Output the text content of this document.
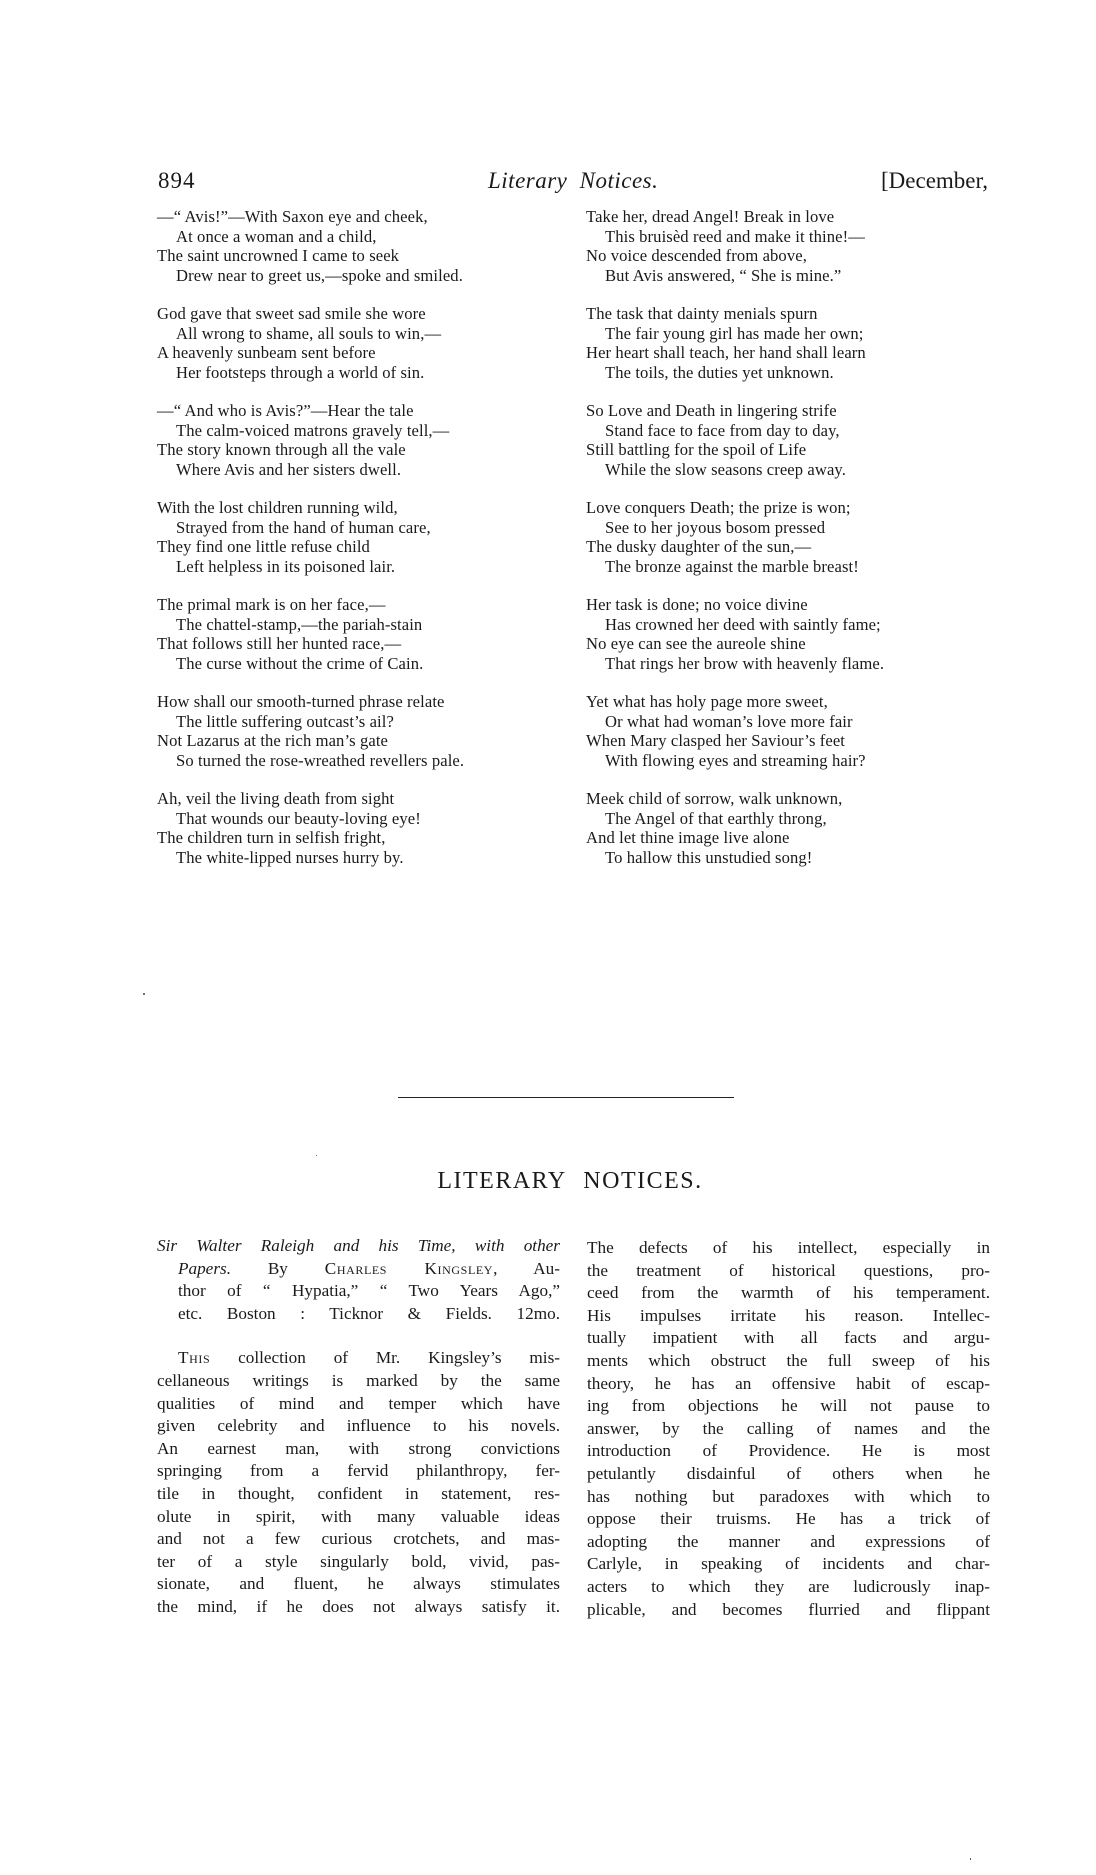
894	Literary Notices.	[December,
—“ Avis!”—With Saxon eye and cheek,
At once a woman and a child,
The saint uncrowned I came to seek
Drew near to greet us,—spoke and smiled.
God gave that sweet sad smile she wore
All wrong to shame, all souls to win,—
A heavenly sunbeam sent before
Her footsteps through a world of sin.
—“ And who is Avis?”—Hear the tale
The calm-voiced matrons gravely tell,—
The story known through all the vale
Where Avis and her sisters dwell.
With the lost children running wild,
Strayed from the hand of human care,
They find one little refuse child
Left helpless in its poisoned lair.
The primal mark is on her face,—
The chattel-stamp,—the pariah-stain
That follows still her hunted race,—
The curse without the crime of Cain.
How shall our smooth-turned phrase relate
The little suffering outcast’s ail?
Not Lazarus at the rich man’s gate
So turned the rose-wreathed revellers pale.
Ah, veil the living death from sight
That wounds our beauty-loving eye!
The children turn in selfish fright,
The white-lipped nurses hurry by.
Take her, dread Angel! Break in love
This bruisèd reed and make it thine!—
No voice descended from above,
But Avis answered, “ She is mine.”
The task that dainty menials spurn
The fair young girl has made her own;
Her heart shall teach, her hand shall learn
The toils, the duties yet unknown.
So Love and Death in lingering strife
Stand face to face from day to day,
Still battling for the spoil of Life
While the slow seasons creep away.
Love conquers Death; the prize is won;
See to her joyous bosom pressed
The dusky daughter of the sun,—
The bronze against the marble breast!
Her task is done; no voice divine
Has crowned her deed with saintly fame;
No eye can see the aureole shine
That rings her brow with heavenly flame.
Yet what has holy page more sweet,
Or what had woman’s love more fair
When Mary clasped her Saviour’s feet
With flowing eyes and streaming hair?
Meek child of sorrow, walk unknown,
The Angel of that earthly throng,
And let thine image live alone
To hallow this unstudied song!
LITERARY NOTICES.
Sir Walter Raleigh and his Time, with other
Papers. By Charles Kingsley, Au-
thor of “ Hypatia,” “ Two Years Ago,”
etc. Boston : Ticknor & Fields. 12mo.
This collection of Mr. Kingsley’s mis-
cellaneous writings is marked by the same
qualities of mind and temper which have
given celebrity and influence to his novels.
An earnest man, with strong convictions
springing from a fervid philanthropy, fer-
tile in thought, confident in statement, res-
olute in spirit, with many valuable ideas
and not a few curious crotchets, and mas-
ter of a style singularly bold, vivid, pas-
sionate, and fluent, he always stimulates
the mind, if he does not always satisfy it.
The defects of his intellect, especially in
the treatment of historical questions, pro-
ceed from the warmth of his temperament.
His impulses irritate his reason. Intellec-
tually impatient with all facts and argu-
ments which obstruct the full sweep of his
theory, he has an offensive habit of escap-
ing from objections he will not pause to
answer, by the calling of names and the
introduction of Providence. He is most
petulantly disdainful of others when he
has nothing but paradoxes with which to
oppose their truisms. He has a trick of
adopting the manner and expressions of
Carlyle, in speaking of incidents and char-
acters to which they are ludicrously inap-
plicable, and becomes flurried and flippant
